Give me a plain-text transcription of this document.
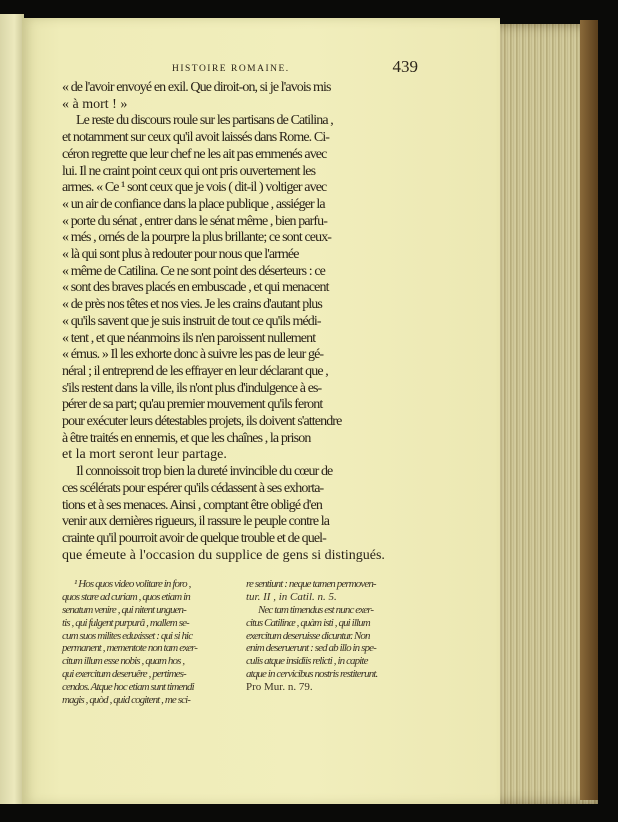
HISTOIRE ROMAINE.	439
« de l'avoir envoyé en exil. Que diroit-on, si je l'avois mis
« à mort ! »
Le reste du discours roule sur les partisans de Catilina ,
et notamment sur ceux qu'il avoit laissés dans Rome. Ci-
céron regrette que leur chef ne les ait pas emmenés avec
lui. Il ne craint point ceux qui ont pris ouvertement les
armes. « Ce ¹ sont ceux que je vois ( dit-il ) voltiger avec
« un air de confiance dans la place publique , assiéger la
« porte du sénat , entrer dans le sénat même , bien parfu-
« més , ornés de la pourpre la plus brillante; ce sont ceux-
« là qui sont plus à redouter pour nous que l'armée
« même de Catilina. Ce ne sont point des déserteurs : ce
« sont des braves placés en embuscade , et qui menacent
« de près nos têtes et nos vies. Je les crains d'autant plus
« qu'ils savent que je suis instruit de tout ce qu'ils médi-
« tent , et que néanmoins ils n'en paroissent nullement
« émus. » Il les exhorte donc à suivre les pas de leur gé-
néral ; il entreprend de les effrayer en leur déclarant que ,
s'ils restent dans la ville, ils n'ont plus d'indulgence à es-
pérer de sa part; qu'au premier mouvement qu'ils feront
pour exécuter leurs détestables projets, ils doivent s'attendre
à être traités en ennemis, et que les chaînes , la prison
et la mort seront leur partage.
Il connoissoit trop bien la dureté invincible du cœur de
ces scélérats pour espérer qu'ils cédassent à ses exhorta-
tions et à ses menaces. Ainsi , comptant être obligé d'en
venir aux dernières rigueurs, il rassure le peuple contre la
crainte qu'il pourroit avoir de quelque trouble et de quel-
que émeute à l'occasion du supplice de gens si distingués.
¹ Hos quos video volitare in foro ,
quos stare ad curiam , quos etiam in
senatum venire , qui nitent unguen-
tis , qui fulgent purpurâ , mallem se-
cum suos milites eduxisset : qui si hic
permanent , mementote non tam exer-
citum illum esse nobis , quam hos ,
qui exercitum deseruêre , pertimes-
cendos. Atque hoc etiam sunt timendi
magis , quòd , quid cogitent , me sci-
re sentiunt : neque tamen permoven-
tur. II , in Catil. n. 5.
Nec tam timendus est nunc exer-
citus Catilinæ , quàm isti , qui illum
exercitum deseruisse dicuntur. Non
enim deseruerunt : sed ab illo in spe-
culis atque insidiis relicti , in capite
atque in cervicibus nostris restiterunt.
Pro Mur. n. 79.
